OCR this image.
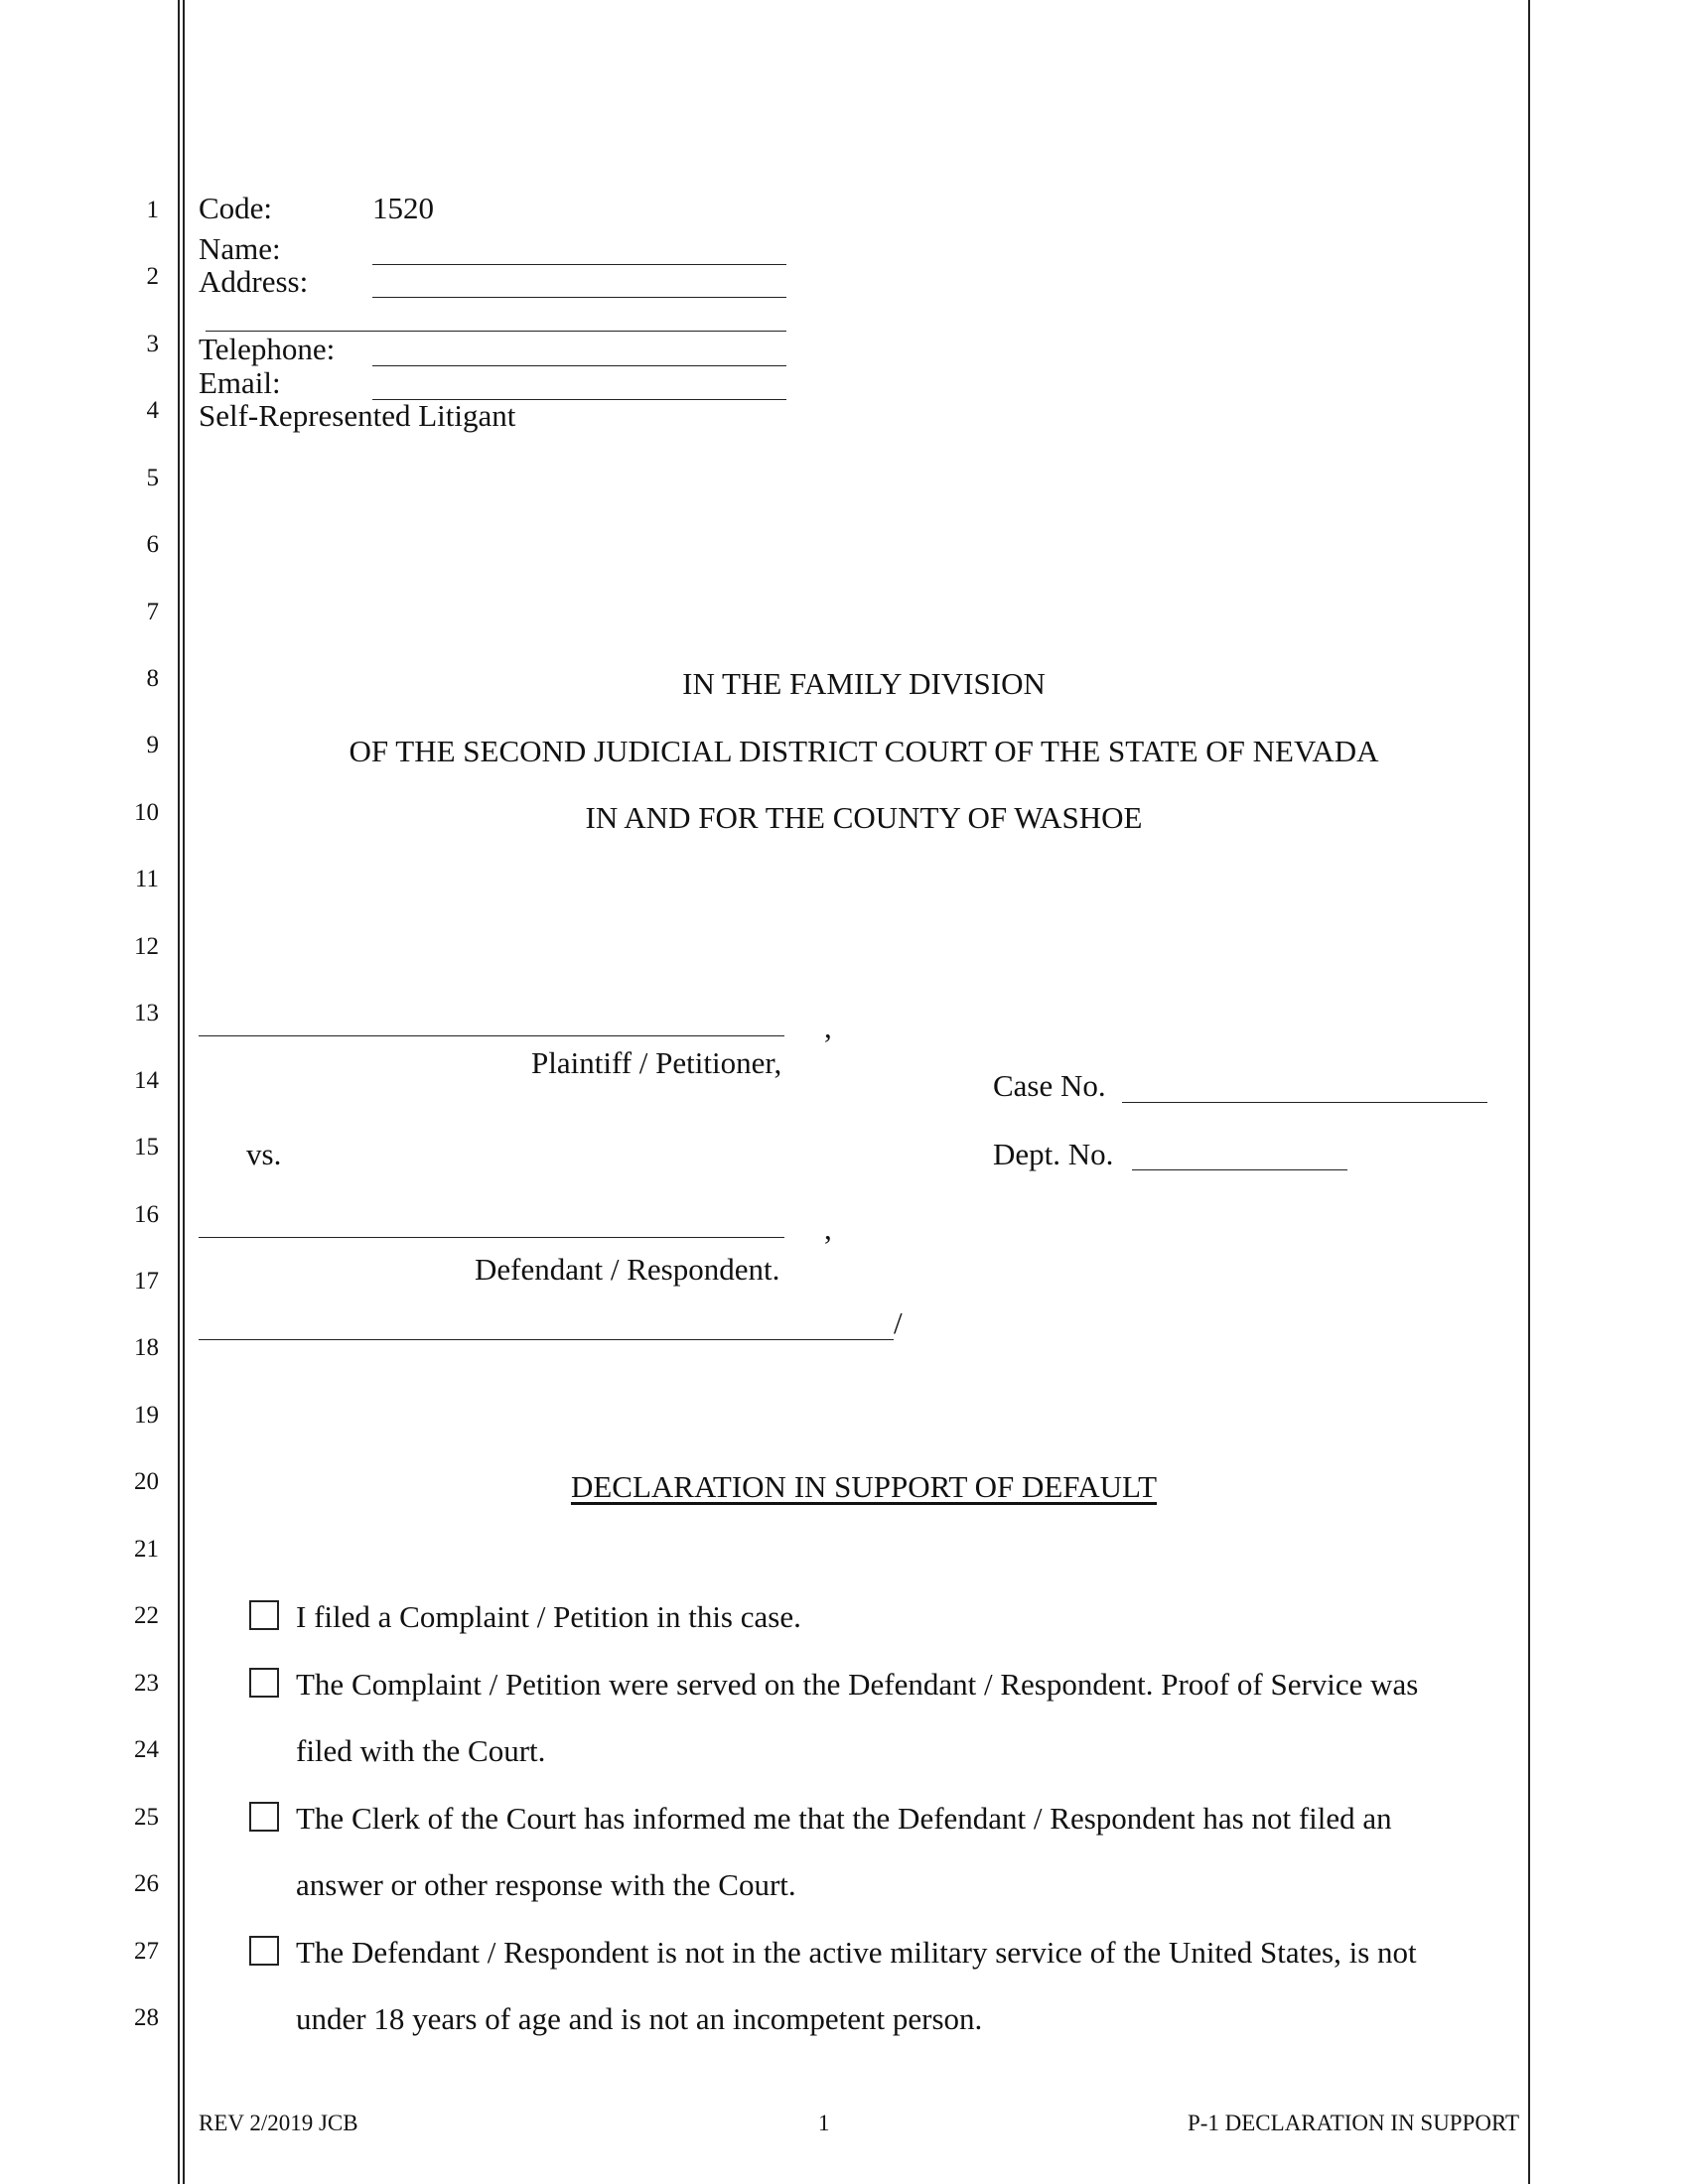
1
2
3
4
5
6
7
8
9
10
11
12
13
14
15
16
17
18
19
20
21
22
23
24
25
26
27
28
Code:	1520
Name:
Address:
Telephone:
Email:
Self-Represented Litigant
IN THE FAMILY DIVISION
OF THE SECOND JUDICIAL DISTRICT COURT OF THE STATE OF NEVADA
IN AND FOR THE COUNTY OF WASHOE
,
Plaintiff / Petitioner,
Case No.
vs.	Dept. No.
,
Defendant / Respondent.
/
DECLARATION IN SUPPORT OF DEFAULT
I filed a Complaint / Petition in this case.
The Complaint / Petition were served on the Defendant / Respondent. Proof of Service was
filed with the Court.
The Clerk of the Court has informed me that the Defendant / Respondent has not filed an
answer or other response with the Court.
The Defendant / Respondent is not in the active military service of the United States, is not
under 18 years of age and is not an incompetent person.
REV 2/2019 JCB	1	P-1 DECLARATION IN SUPPORT
